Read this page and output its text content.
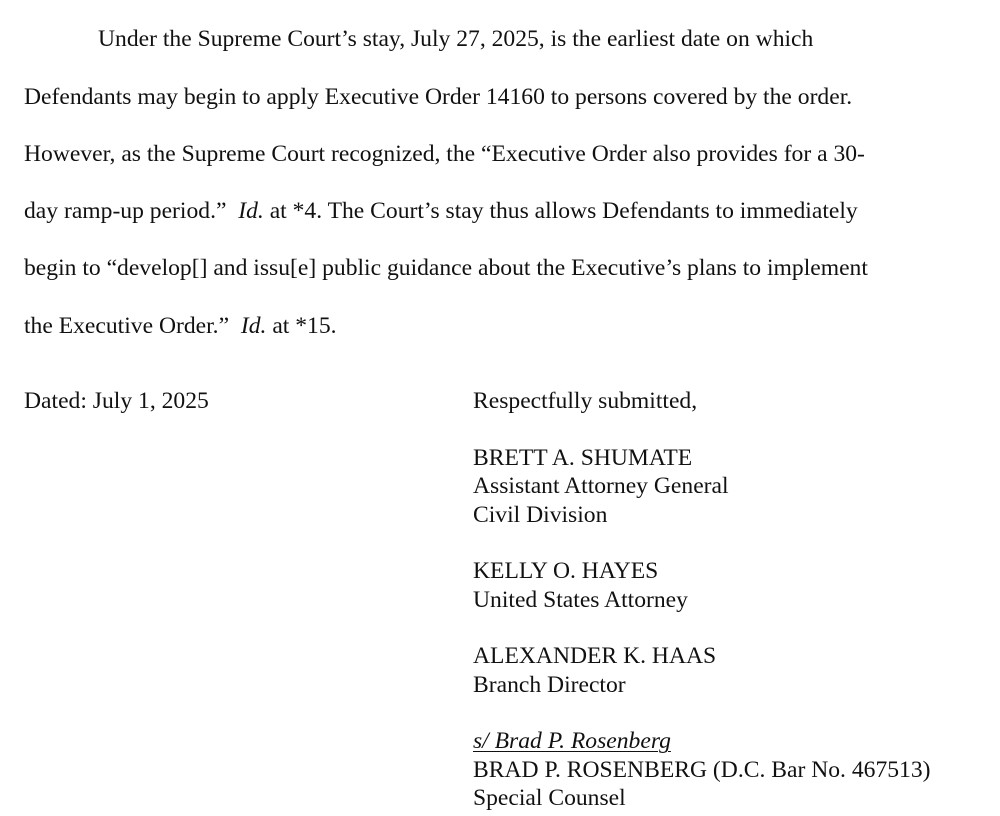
Under the Supreme Court’s stay, July 27, 2025, is the earliest date on which
Defendants may begin to apply Executive Order 14160 to persons covered by the order.
However, as the Supreme Court recognized, the “Executive Order also provides for a 30-
day ramp-up period.” Id. at *4. The Court’s stay thus allows Defendants to immediately
begin to “develop[] and issu[e] public guidance about the Executive’s plans to implement
the Executive Order.” Id. at *15.
Dated: July 1, 2025	Respectfully submitted,
BRETT A. SHUMATE
Assistant Attorney General
Civil Division
KELLY O. HAYES
United States Attorney
ALEXANDER K. HAAS
Branch Director
s/ Brad P. Rosenberg
BRAD P. ROSENBERG (D.C. Bar No. 467513)
Special Counsel
